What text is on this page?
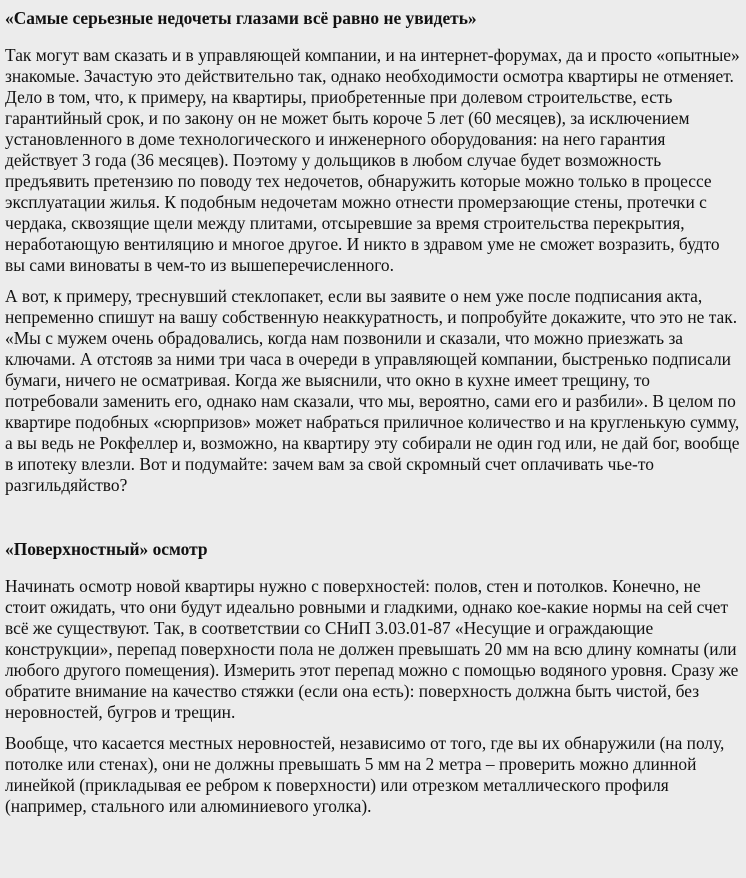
«Самые серьезные недочеты глазами всё равно не увидеть»

Так могут вам сказать и в управляющей компании, и на интернет-форумах, да и просто «опытные» знакомые. Зачастую это действительно так, однако необходимости осмотра квартиры не отменяет. Дело в том, что, к примеру, на квартиры, приобретенные при долевом строительстве, есть гарантийный срок, и по закону он не может быть короче 5 лет (60 месяцев), за исключением установленного в доме технологического и инженерного оборудования: на него гарантия действует 3 года (36 месяцев). Поэтому у дольщиков в любом случае будет возможность предъявить претензию по поводу тех недочетов, обнаружить которые можно только в процессе эксплуатации жилья. К подобным недочетам можно отнести промерзающие стены, протечки с чердака, сквозящие щели между плитами, отсыревшие за время строительства перекрытия, неработающую вентиляцию и многое другое. И никто в здравом уме не сможет возразить, будто вы сами виноваты в чем-то из вышеперечисленного.

А вот, к примеру, треснувший стеклопакет, если вы заявите о нем уже после подписания акта, непременно спишут на вашу собственную неаккуратность, и попробуйте докажите, что это не так. «Мы с мужем очень обрадовались, когда нам позвонили и сказали, что можно приезжать за ключами. А отстояв за ними три часа в очереди в управляющей компании, быстренько подписали бумаги, ничего не осматривая. Когда же выяснили, что окно в кухне имеет трещину, то потребовали заменить его, однако нам сказали, что мы, вероятно, сами его и разбили». В целом по квартире подобных «сюрпризов» может набраться приличное количество и на кругленькую сумму, а вы ведь не Рокфеллер и, возможно, на квартиру эту собирали не один год или, не дай бог, вообще в ипотеку влезли. Вот и подумайте: зачем вам за свой скромный счет оплачивать чье-то разгильдяйство?

«Поверхностный» осмотр

Начинать осмотр новой квартиры нужно с поверхностей: полов, стен и потолков. Конечно, не стоит ожидать, что они будут идеально ровными и гладкими, однако кое-какие нормы на сей счет всё же существуют. Так, в соответствии со СНиП 3.03.01-87 «Несущие и ограждающие конструкции», перепад поверхности пола не должен превышать 20 мм на всю длину комнаты (или любого другого помещения). Измерить этот перепад можно с помощью водяного уровня. Сразу же обратите внимание на качество стяжки (если она есть): поверхность должна быть чистой, без неровностей, бугров и трещин.

Вообще, что касается местных неровностей, независимо от того, где вы их обнаружили (на полу, потолке или стенах), они не должны превышать 5 мм на 2 метра – проверить можно длинной линейкой (прикладывая ее ребром к поверхности) или отрезком металлического профиля (например, стального или алюминиевого уголка).
